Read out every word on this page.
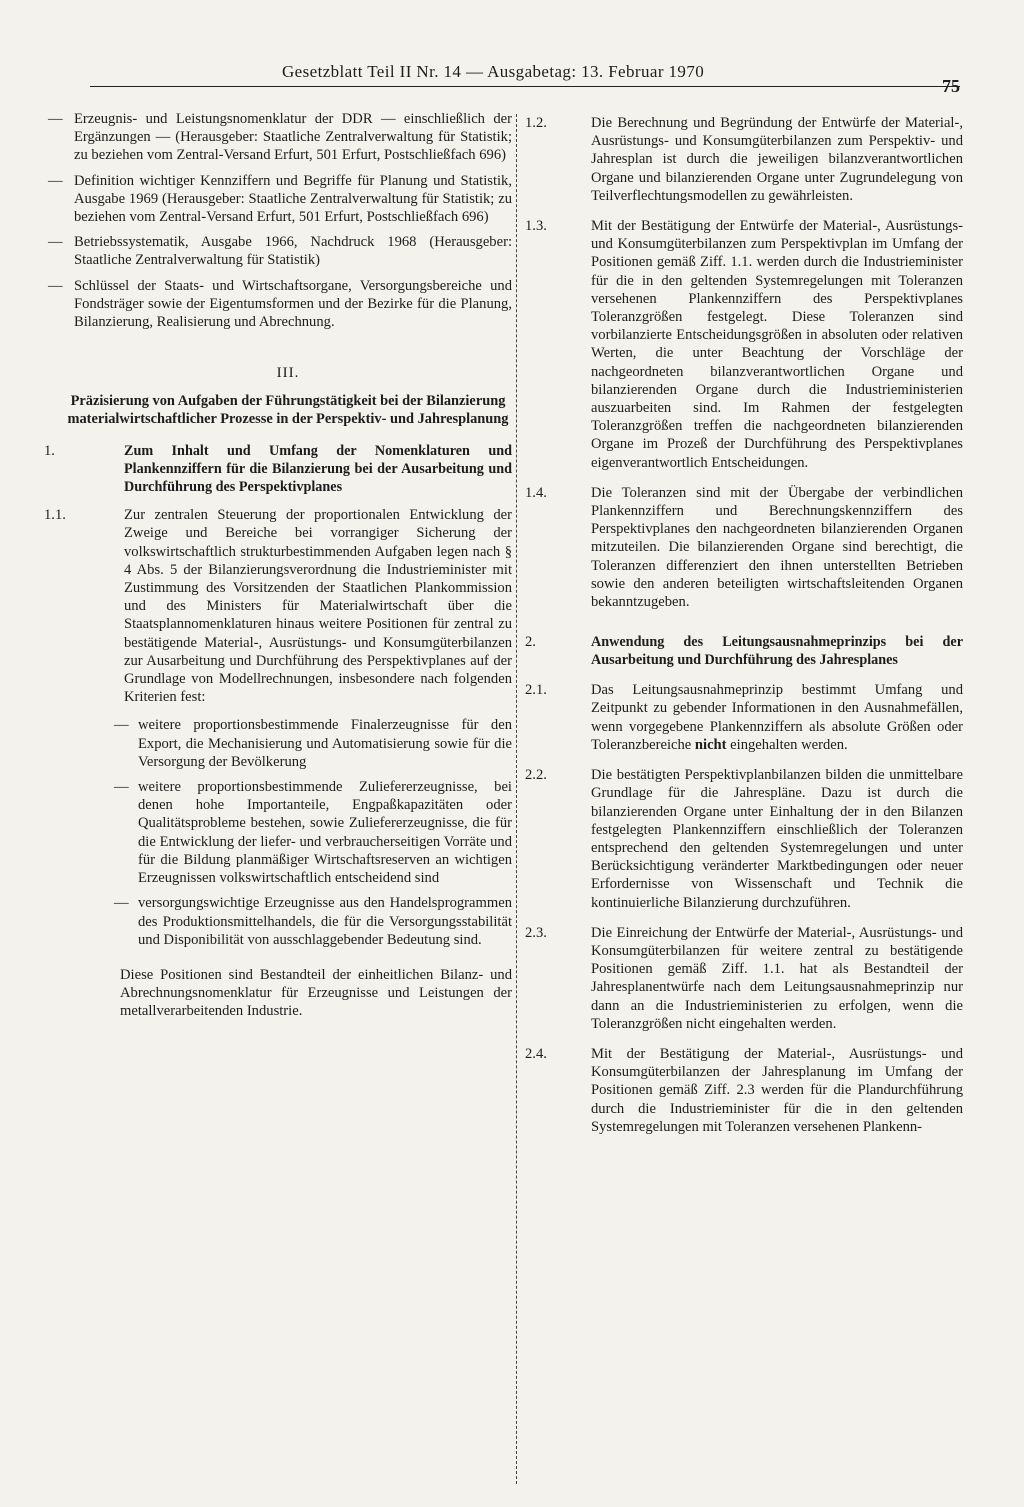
Gesetzblatt Teil II Nr. 14 — Ausgabetag: 13. Februar 1970
75
— Erzeugnis- und Leistungsnomenklatur der DDR — einschließlich der Ergänzungen — (Herausgeber: Staatliche Zentralverwaltung für Statistik; zu beziehen vom Zentral-Versand Erfurt, 501 Erfurt, Postschließfach 696)
— Definition wichtiger Kennziffern und Begriffe für Planung und Statistik, Ausgabe 1969 (Herausgeber: Staatliche Zentralverwaltung für Statistik; zu beziehen vom Zentral-Versand Erfurt, 501 Erfurt, Postschließfach 696)
— Betriebssystematik, Ausgabe 1966, Nachdruck 1968 (Herausgeber: Staatliche Zentralverwaltung für Statistik)
— Schlüssel der Staats- und Wirtschaftsorgane, Versorgungsbereiche und Fondsträger sowie der Eigentumsformen und der Bezirke für die Planung, Bilanzierung, Realisierung und Abrechnung.
III.
Präzisierung von Aufgaben der Führungstätigkeit bei der Bilanzierung materialwirtschaftlicher Prozesse in der Perspektiv- und Jahresplanung
1.	Zum Inhalt und Umfang der Nomenklaturen und Plankennziffern für die Bilanzierung bei der Ausarbeitung und Durchführung des Perspektivplanes
1.1.	Zur zentralen Steuerung der proportionalen Entwicklung der Zweige und Bereiche bei vorrangiger Sicherung der volkswirtschaftlich strukturbestimmenden Aufgaben legen nach § 4 Abs. 5 der Bilanzierungsverordnung die Industrieminister mit Zustimmung des Vorsitzenden der Staatlichen Plankommission und des Ministers für Materialwirtschaft über die Staatsplannomenklaturen hinaus weitere Positionen für zentral zu bestätigende Material-, Ausrüstungs- und Konsumgüterbilanzen zur Ausarbeitung und Durchführung des Perspektivplanes auf der Grundlage von Modellrechnungen, insbesondere nach folgenden Kriterien fest:

— weitere proportionsbestimmende Finalerzeugnisse für den Export, die Mechanisierung und Automatisierung sowie für die Versorgung der Bevölkerung
— weitere proportionsbestimmende Zuliefererzeugnisse, bei denen hohe Importanteile, Engpaßkapazitäten oder Qualitätsprobleme bestehen, sowie Zuliefererzeugnisse, die für die Entwicklung der liefer- und verbraucherseitigen Vorräte und für die Bildung planmäßiger Wirtschaftsreserven an wichtigen Erzeugnissen volkswirtschaftlich entscheidend sind
— versorgungswichtige Erzeugnisse aus den Handelsprogrammen des Produktionsmittelhandels, die für die Versorgungsstabilität und Disponibilität von ausschlaggebender Bedeutung sind.

Diese Positionen sind Bestandteil der einheitlichen Bilanz- und Abrechnungsnomenklatur für Erzeugnisse und Leistungen der metallverarbeitenden Industrie.

1.2.	Die Berechnung und Begründung der Entwürfe der Material-, Ausrüstungs- und Konsumgüterbilanzen zum Perspektiv- und Jahresplan ist durch die jeweiligen bilanzverantwortlichen Organe und bilanzierenden Organe unter Zugrundelegung von Teilverflechtungsmodellen zu gewährleisten.

1.3.	Mit der Bestätigung der Entwürfe der Material-, Ausrüstungs- und Konsumgüterbilanzen zum Perspektivplan im Umfang der Positionen gemäß Ziff. 1.1. werden durch die Industrieminister für die in den geltenden Systemregelungen mit Toleranzen versehenen Plankennziffern des Perspektivplanes Toleranzgrößen festgelegt. Diese Toleranzen sind vorbilanzierte Entscheidungsgrößen in absoluten oder relativen Werten, die unter Beachtung der Vorschläge der nachgeordneten bilanzverantwortlichen Organe und bilanzierenden Organe durch die Industrieministerien auszuarbeiten sind. Im Rahmen der festgelegten Toleranzgrößen treffen die nachgeordneten bilanzierenden Organe im Prozeß der Durchführung des Perspektivplanes eigenverantwortlich Entscheidungen.

1.4.	Die Toleranzen sind mit der Übergabe der verbindlichen Plankennziffern und Berechnungskennziffern des Perspektivplanes den nachgeordneten bilanzierenden Organen mitzuteilen. Die bilanzierenden Organe sind berechtigt, die Toleranzen differenziert den ihnen unterstellten Betrieben sowie den anderen beteiligten wirtschaftsleitenden Organen bekanntzugeben.

2.	Anwendung des Leitungsausnahmeprinzips bei der Ausarbeitung und Durchführung des Jahresplanes
2.1.	Das Leitungsausnahmeprinzip bestimmt Umfang und Zeitpunkt zu gebender Informationen in den Ausnahmefällen, wenn vorgegebene Plankennziffern als absolute Größen oder Toleranzbereiche nicht eingehalten werden.

2.2.	Die bestätigten Perspektivplanbilanzen bilden die unmittelbare Grundlage für die Jahrespläne. Dazu ist durch die bilanzierenden Organe unter Einhaltung der in den Bilanzen festgelegten Plankennziffern einschließlich der Toleranzen entsprechend den geltenden Systemregelungen und unter Berücksichtigung veränderter Marktbedingungen oder neuer Erfordernisse von Wissenschaft und Technik die kontinuierliche Bilanzierung durchzuführen.

2.3.	Die Einreichung der Entwürfe der Material-, Ausrüstungs- und Konsumgüterbilanzen für weitere zentral zu bestätigende Positionen gemäß Ziff. 1.1. hat als Bestandteil der Jahresplanentwürfe nach dem Leitungsausnahmeprinzip nur dann an die Industrieministerien zu erfolgen, wenn die Toleranzgrößen nicht eingehalten werden.

2.4.	Mit der Bestätigung der Material-, Ausrüstungs- und Konsumgüterbilanzen der Jahresplanung im Umfang der Positionen gemäß Ziff. 2.3 werden für die Plandurchführung durch die Industrieminister für die in den geltenden Systemregelungen mit Toleranzen versehenen Plankenn-
